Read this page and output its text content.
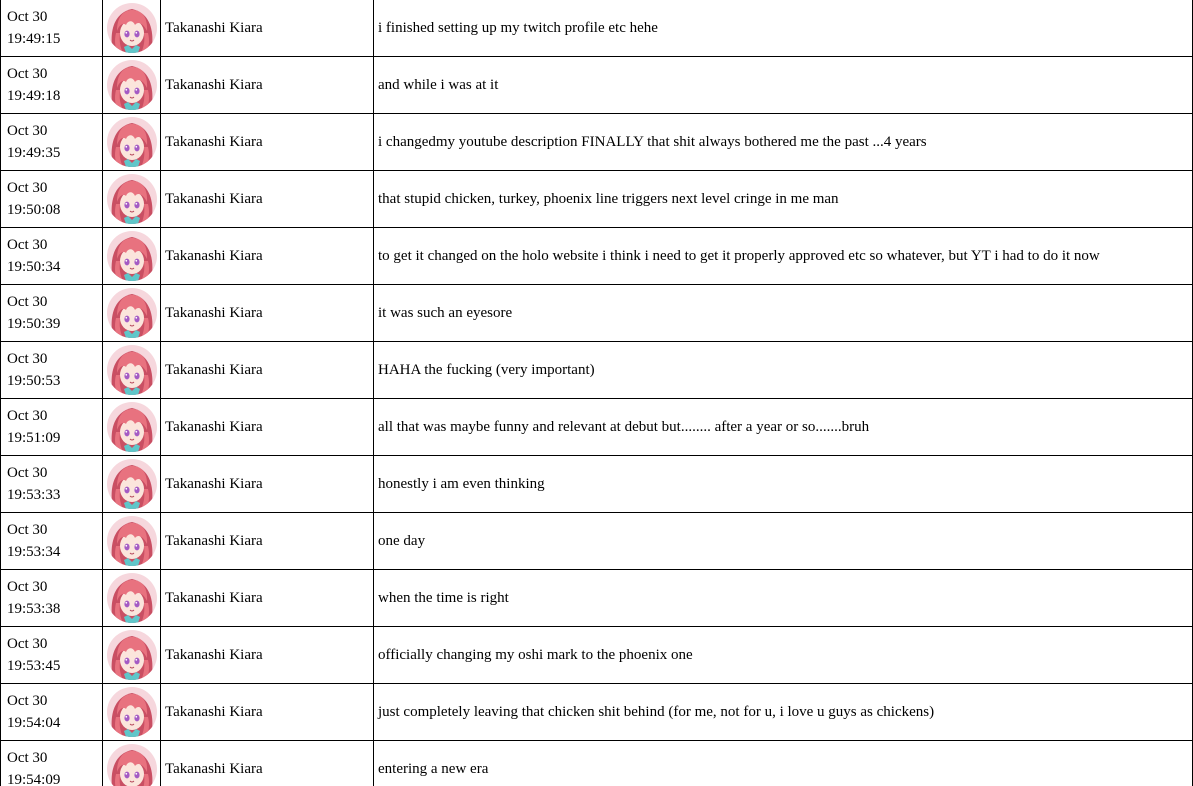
Oct 30
19:49:15		Takanashi Kiara	i finished setting up my twitch profile etc hehe

Oct 30
19:49:18		Takanashi Kiara	and while i was at it

Oct 30
19:49:35		Takanashi Kiara	i changedmy youtube description FINALLY that shit always bothered me the past ...4 years

Oct 30
19:50:08		Takanashi Kiara	that stupid chicken, turkey, phoenix line triggers next level cringe in me man

Oct 30
19:50:34		Takanashi Kiara	to get it changed on the holo website i think i need to get it properly approved etc so whatever, but YT i had to do it now

Oct 30
19:50:39		Takanashi Kiara	it was such an eyesore

Oct 30
19:50:53		Takanashi Kiara	HAHA the fucking (very important)

Oct 30
19:51:09		Takanashi Kiara	all that was maybe funny and relevant at debut but........ after a year or so.......bruh

Oct 30
19:53:33		Takanashi Kiara	honestly i am even thinking

Oct 30
19:53:34		Takanashi Kiara	one day

Oct 30
19:53:38		Takanashi Kiara	when the time is right

Oct 30
19:53:45		Takanashi Kiara	officially changing my oshi mark to the phoenix one

Oct 30
19:54:04		Takanashi Kiara	just completely leaving that chicken shit behind (for me, not for u, i love u guys as chickens)

Oct 30
19:54:09		Takanashi Kiara	entering a new era
